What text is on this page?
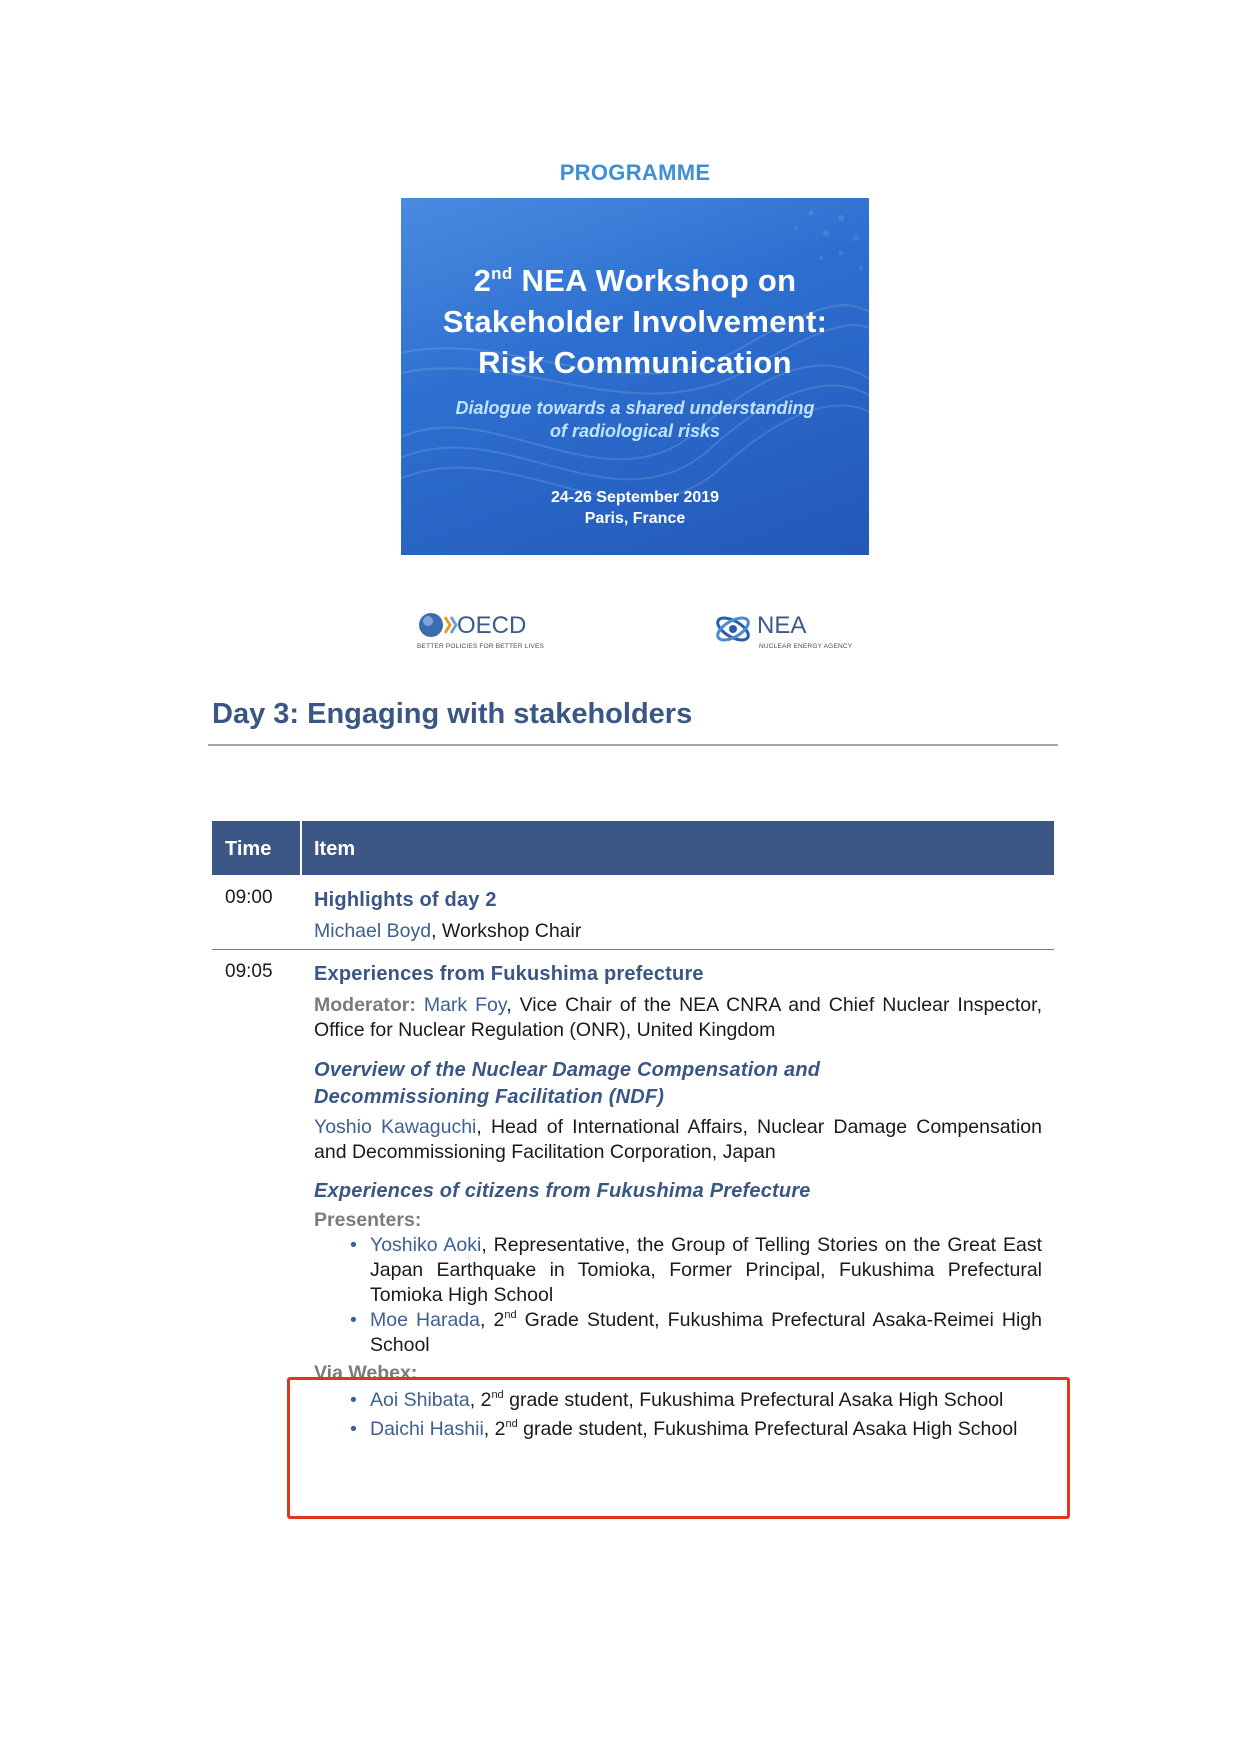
PROGRAMME
2nd NEA Workshop on
Stakeholder Involvement:
Risk Communication
Dialogue towards a shared understanding
of radiological risks
24-26 September 2019
Paris, France
OECD
BETTER POLICIES FOR BETTER LIVES
NEA
NUCLEAR ENERGY AGENCY
Day 3: Engaging with stakeholders
Time	Item
09:00	Highlights of day 2
Michael Boyd, Workshop Chair
09:05	Experiences from Fukushima prefecture
Moderator: Mark Foy, Vice Chair of the NEA CNRA and Chief Nuclear Inspector, Office for Nuclear Regulation (ONR), United Kingdom
Overview of the Nuclear Damage Compensation and
Decommissioning Facilitation (NDF)
Yoshio Kawaguchi, Head of International Affairs, Nuclear Damage Compensation and Decommissioning Facilitation Corporation, Japan
Experiences of citizens from Fukushima Prefecture
Presenters:
• Yoshiko Aoki, Representative, the Group of Telling Stories on the Great East Japan Earthquake in Tomioka, Former Principal, Fukushima Prefectural Tomioka High School
• Moe Harada, 2nd Grade Student, Fukushima Prefectural Asaka-Reimei High School
Via Webex:
• Aoi Shibata, 2nd grade student, Fukushima Prefectural Asaka High School
• Daichi Hashii, 2nd grade student, Fukushima Prefectural Asaka High School
